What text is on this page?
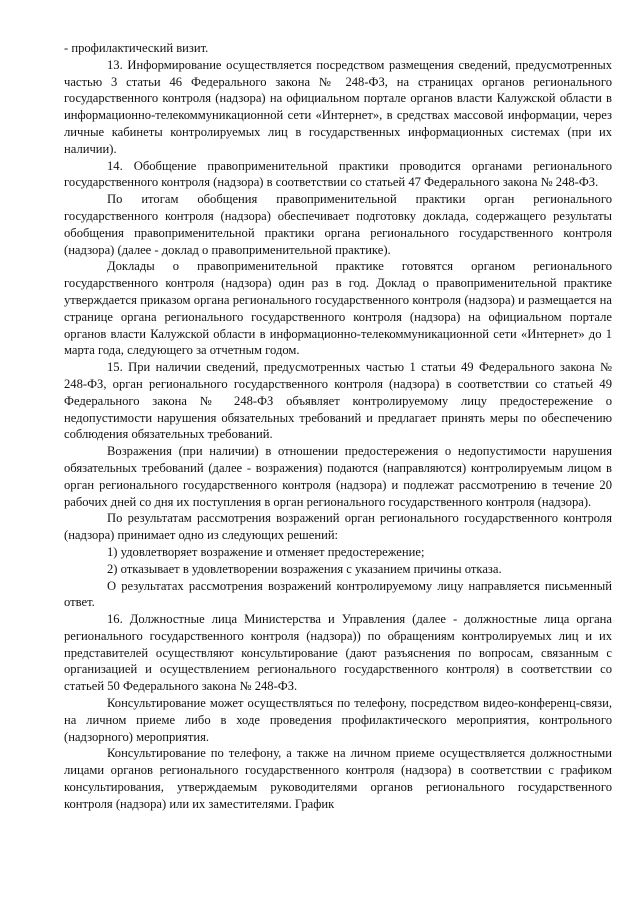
- профилактический визит.

13. Информирование осуществляется посредством размещения сведений, предусмотренных частью 3 статьи 46 Федерального закона № 248-ФЗ, на страницах органов регионального государственного контроля (надзора) на официальном портале органов власти Калужской области в информационно-телекоммуникационной сети «Интернет», в средствах массовой информации, через личные кабинеты контролируемых лиц в государственных информационных системах (при их наличии).

14. Обобщение правоприменительной практики проводится органами регионального государственного контроля (надзора) в соответствии со статьей 47 Федерального закона № 248-ФЗ.

По итогам обобщения правоприменительной практики орган регионального государственного контроля (надзора) обеспечивает подготовку доклада, содержащего результаты обобщения правоприменительной практики органа регионального государственного контроля (надзора) (далее - доклад о правоприменительной практике).

Доклады о правоприменительной практике готовятся органом регионального государственного контроля (надзора) один раз в год. Доклад о правоприменительной практике утверждается приказом органа регионального государственного контроля (надзора) и размещается на странице органа регионального государственного контроля (надзора) на официальном портале органов власти Калужской области в информационно-телекоммуникационной сети «Интернет» до 1 марта года, следующего за отчетным годом.

15. При наличии сведений, предусмотренных частью 1 статьи 49 Федерального закона № 248-ФЗ, орган регионального государственного контроля (надзора) в соответствии со статьей 49 Федерального закона № 248-ФЗ объявляет контролируемому лицу предостережение о недопустимости нарушения обязательных требований и предлагает принять меры по обеспечению соблюдения обязательных требований.

Возражения (при наличии) в отношении предостережения о недопустимости нарушения обязательных требований (далее - возражения) подаются (направляются) контролируемым лицом в орган регионального государственного контроля (надзора) и подлежат рассмотрению в течение 20 рабочих дней со дня их поступления в орган регионального государственного контроля (надзора).

По результатам рассмотрения возражений орган регионального государственного контроля (надзора) принимает одно из следующих решений:

1) удовлетворяет возражение и отменяет предостережение;

2) отказывает в удовлетворении возражения с указанием причины отказа.

О результатах рассмотрения возражений контролируемому лицу направляется письменный ответ.

16. Должностные лица Министерства и Управления (далее - должностные лица органа регионального государственного контроля (надзора)) по обращениям контролируемых лиц и их представителей осуществляют консультирование (дают разъяснения по вопросам, связанным с организацией и осуществлением регионального государственного контроля) в соответствии со статьей 50 Федерального закона № 248-ФЗ.

Консультирование может осуществляться по телефону, посредством видео-конференц-связи, на личном приеме либо в ходе проведения профилактического мероприятия, контрольного (надзорного) мероприятия.

Консультирование по телефону, а также на личном приеме осуществляется должностными лицами органов регионального государственного контроля (надзора) в соответствии с графиком консультирования, утверждаемым руководителями органов регионального государственного контроля (надзора) или их заместителями. График
